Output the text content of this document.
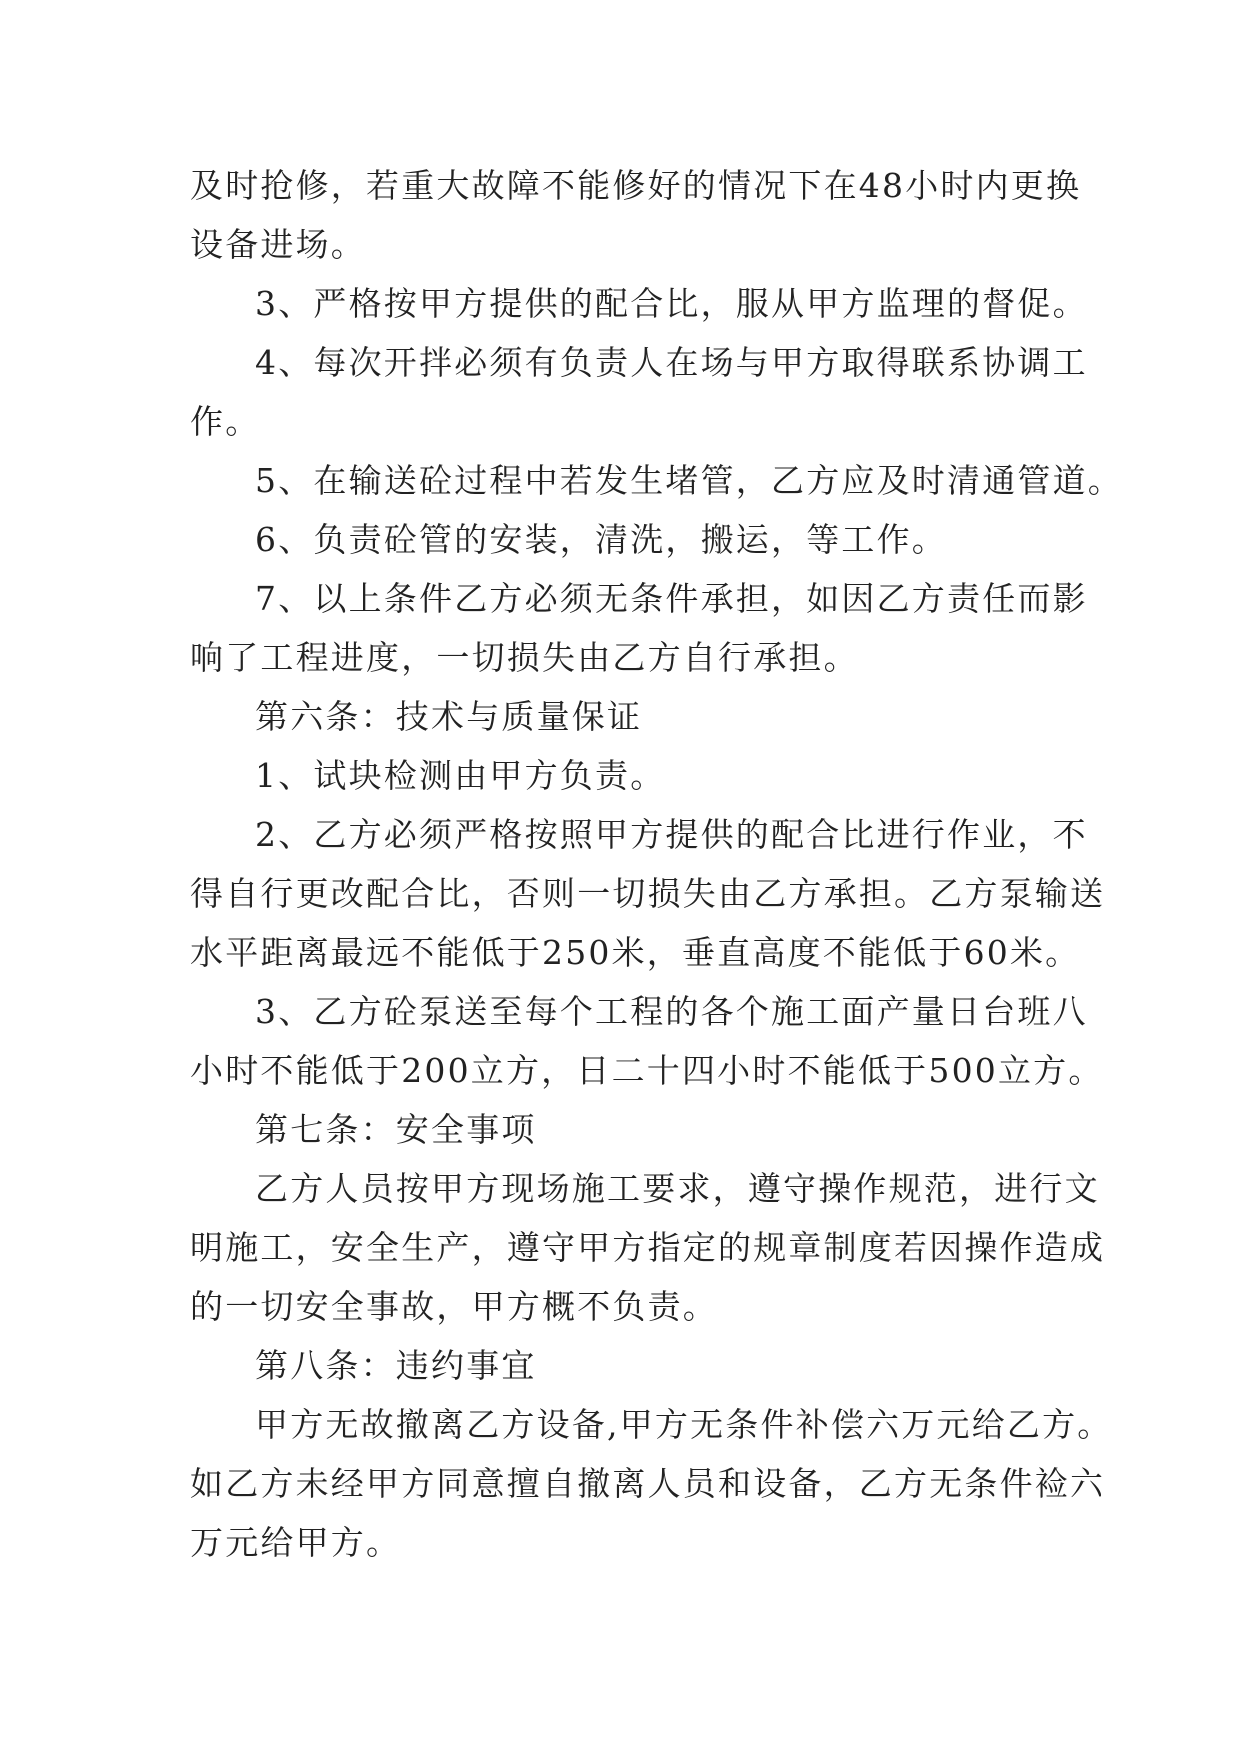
及时抢修，若重大故障不能修好的情况下在48小时内更换
设备进场。
3、严格按甲方提供的配合比，服从甲方监理的督促。
4、每次开拌必须有负责人在场与甲方取得联系协调工
作。
5、在输送砼过程中若发生堵管，乙方应及时清通管道。
6、负责砼管的安装，清洗，搬运，等工作。
7、以上条件乙方必须无条件承担，如因乙方责任而影
响了工程进度，一切损失由乙方自行承担。
第六条：技术与质量保证
1、试块检测由甲方负责。
2、乙方必须严格按照甲方提供的配合比进行作业，不
得自行更改配合比，否则一切损失由乙方承担。乙方泵输送
水平距离最远不能低于250米，垂直高度不能低于60米。
3、乙方砼泵送至每个工程的各个施工面产量日台班八
小时不能低于200立方，日二十四小时不能低于500立方。
第七条：安全事项
乙方人员按甲方现场施工要求，遵守操作规范，进行文
明施工，安全生产，遵守甲方指定的规章制度若因操作造成
的一切安全事故，甲方概不负责。
第八条：违约事宜
甲方无故撤离乙方设备,甲方无条件补偿六万元给乙方。
如乙方未经甲方同意擅自撤离人员和设备，乙方无条件裣六
万元给甲方。
